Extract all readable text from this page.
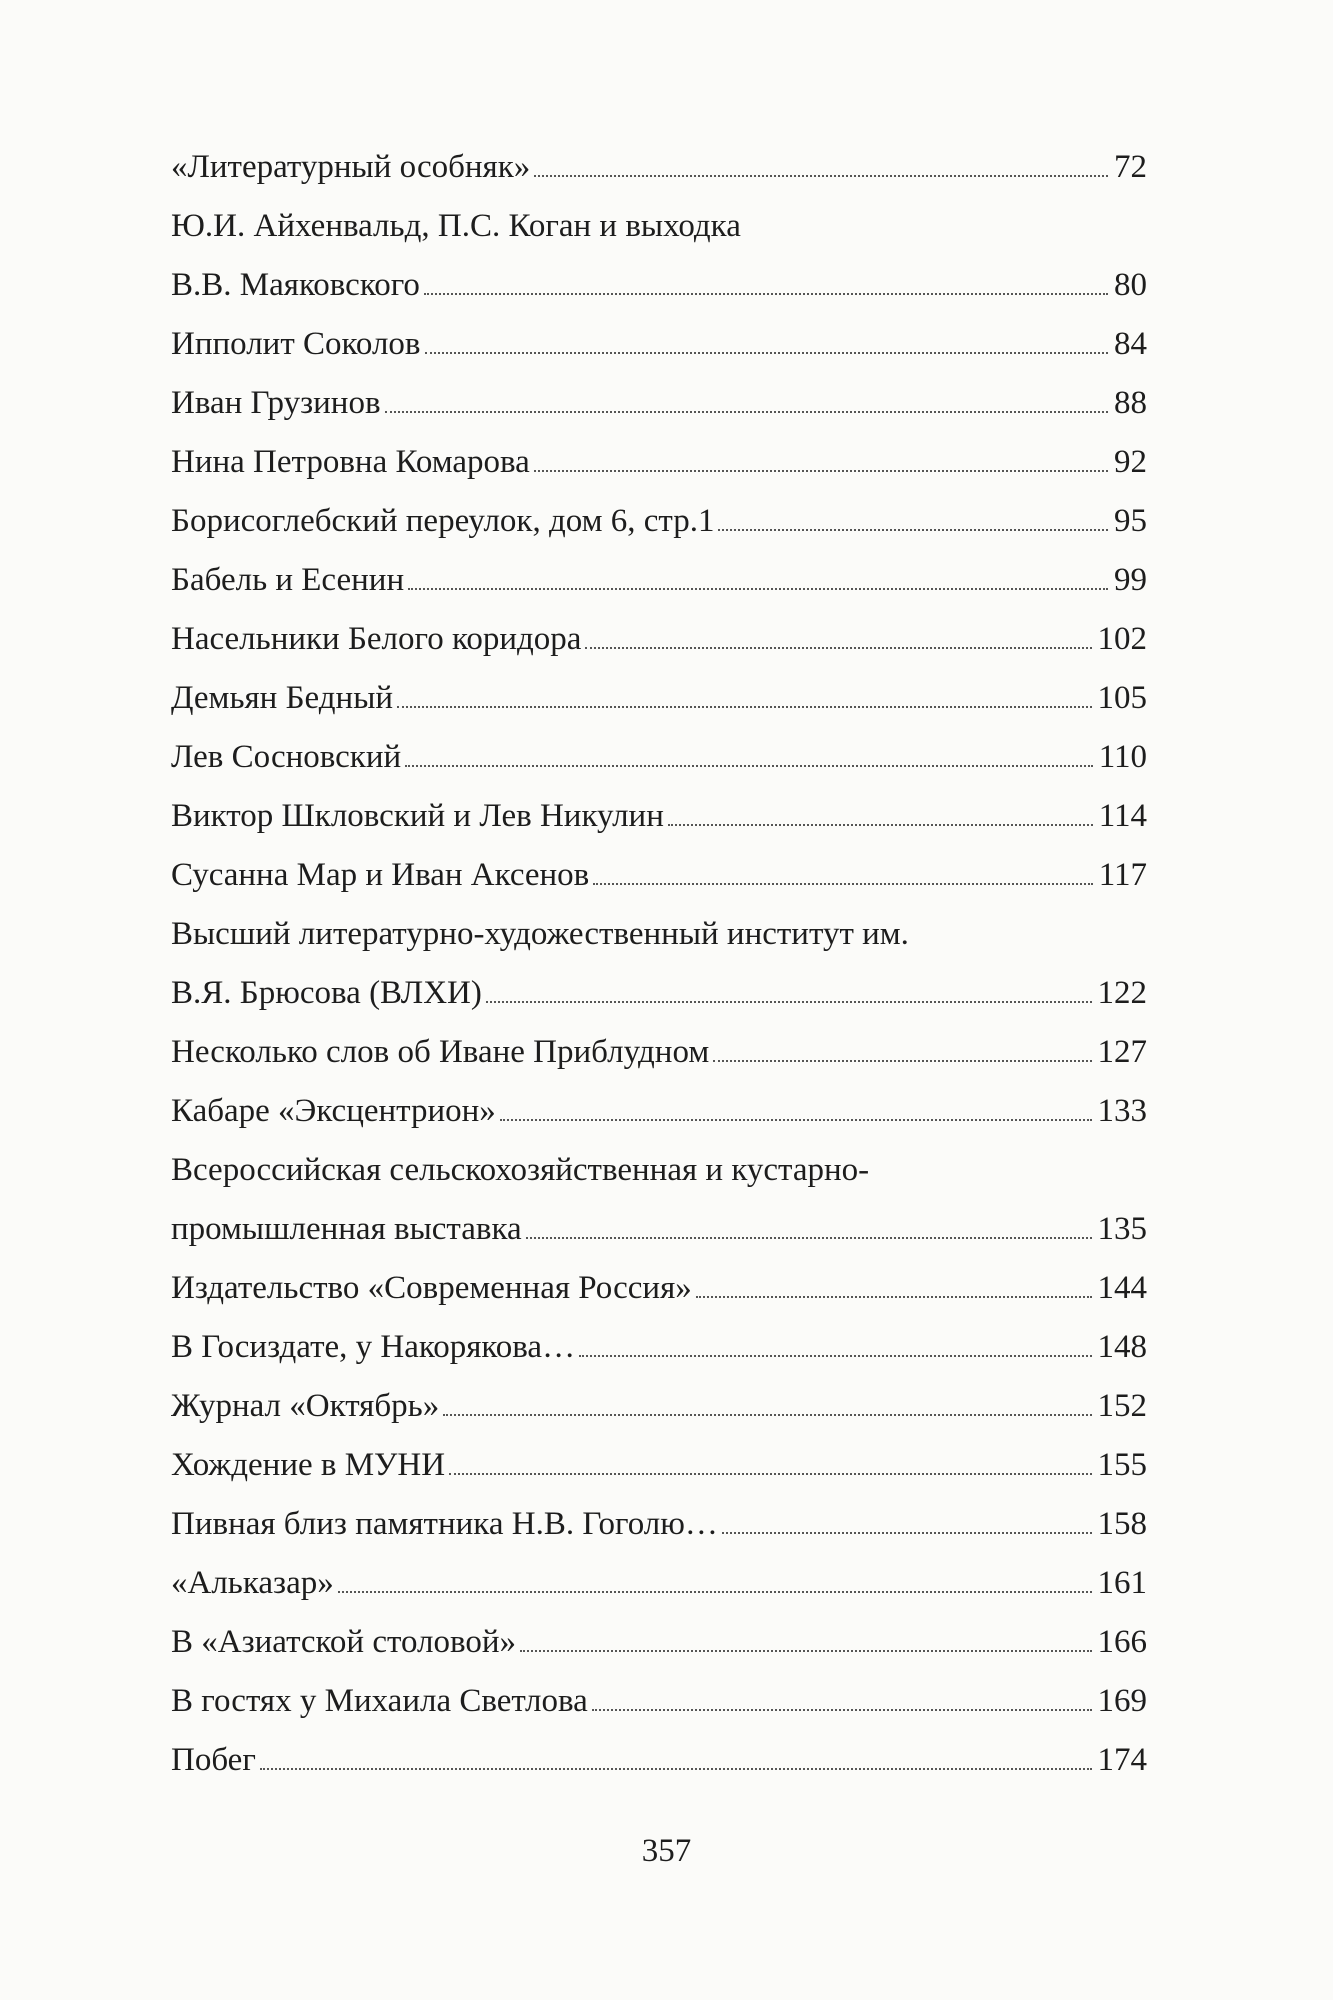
«Литературный особняк»	72
Ю.И. Айхенвальд, П.С. Коган и выходка
В.В. Маяковского	80
Ипполит Соколов	84
Иван Грузинов	88
Нина Петровна Комарова	92
Борисоглебский переулок, дом 6, стр.1	95
Бабель и Есенин	99
Насельники Белого коридора	102
Демьян Бедный	105
Лев Сосновский	110
Виктор Шкловский и Лев Никулин	114
Сусанна Мар и Иван Аксенов	117
Высший литературно-художественный институт им.
В.Я. Брюсова (ВЛХИ)	122
Несколько слов об Иване Приблудном	127
Кабаре «Эксцентрион»	133
Всероссийская сельскохозяйственная и кустарно-
промышленная выставка	135
Издательство «Современная Россия»	144
В Госиздате, у Накорякова…	148
Журнал «Октябрь»	152
Хождение в МУНИ	155
Пивная близ памятника Н.В. Гоголю…	158
«Альказар»	161
В «Азиатской столовой»	166
В гостях у Михаила Светлова	169
Побег	174
357
